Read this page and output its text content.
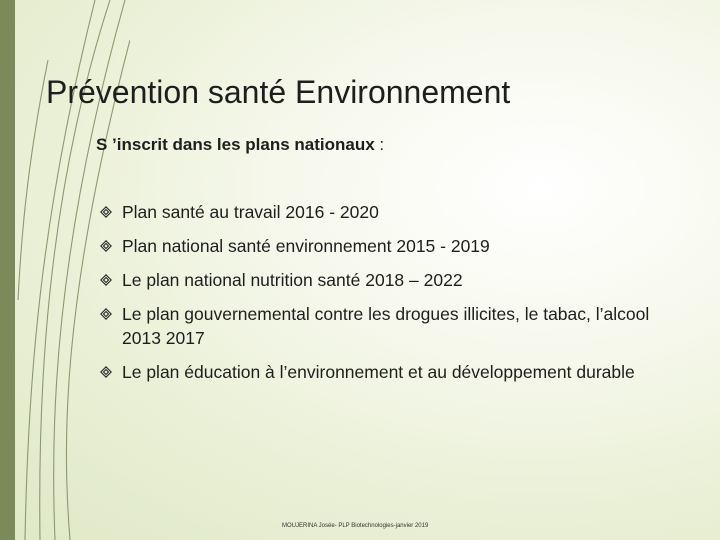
Prévention santé Environnement

S ’inscrit dans les plans nationaux :

Plan santé au travail 2016 - 2020
Plan national santé environnement 2015 - 2019
Le plan national nutrition santé 2018 – 2022
Le plan gouvernemental contre les drogues illicites, le tabac, l’alcool 2013 2017
Le plan éducation à l’environnement et au développement durable
MOUJERINA Josée- PLP Biotechnologies-janvier 2019
